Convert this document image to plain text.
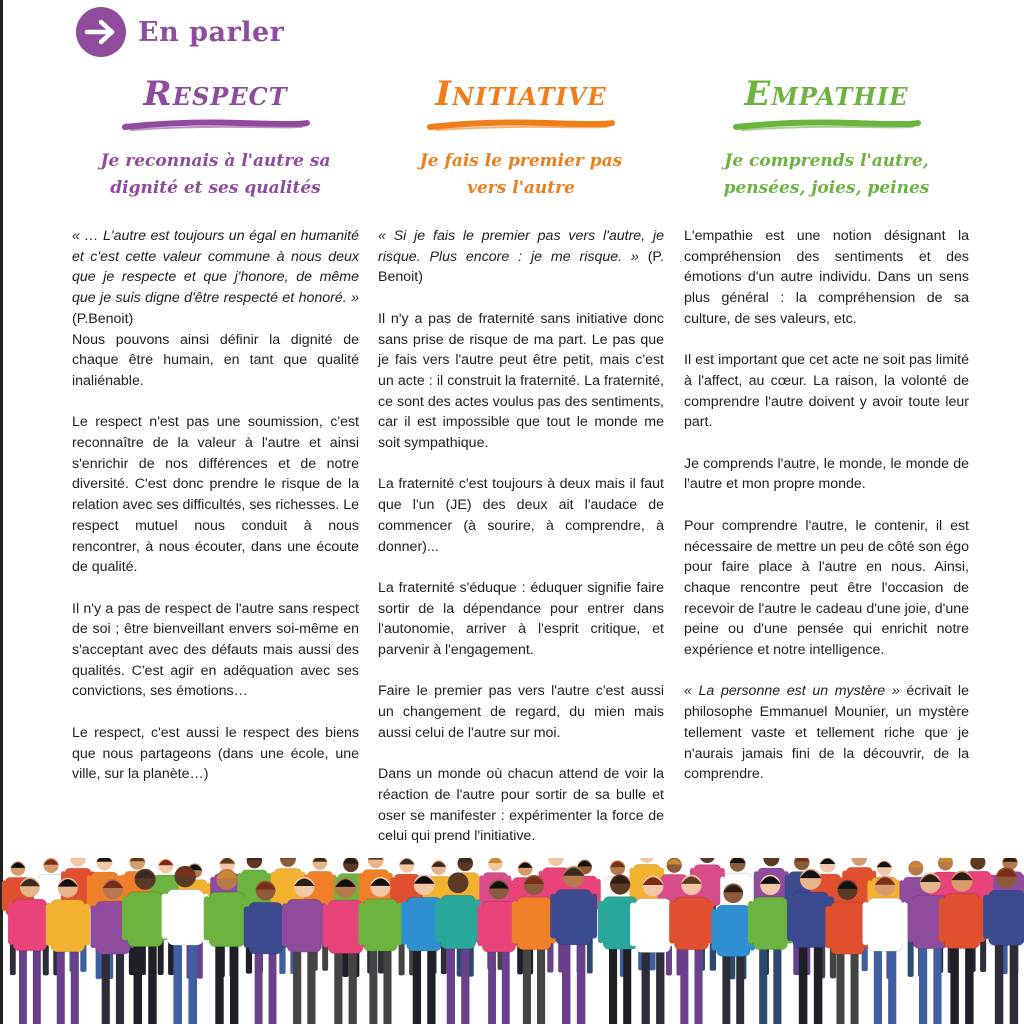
En parler
Respect
Je reconnais à l'autre sa
dignité et ses qualités

« … L'autre est toujours un égal en humanité et c'est cette valeur commune à nous deux que je respecte et que j'honore, de même que je suis digne d'être respecté et honoré. » (P.Benoit)
Nous pouvons ainsi définir la dignité de chaque être humain, en tant que qualité inaliénable.

Le respect n'est pas une soumission, c'est reconnaître de la valeur à l'autre et ainsi s'enrichir de nos différences et de notre diversité. C'est donc prendre le risque de la relation avec ses difficultés, ses richesses. Le respect mutuel nous conduit à nous rencontrer, à nous écouter, dans une écoute de qualité.

Il n'y a pas de respect de l'autre sans respect de soi ; être bienveillant envers soi-même en s'acceptant avec des défauts mais aussi des qualités. C'est agir en adéquation avec ses convictions, ses émotions…

Le respect, c'est aussi le respect des biens que nous partageons (dans une école, une ville, sur la planète…)

Initiative
Je fais le premier pas
vers l'autre

« Si je fais le premier pas vers l'autre, je risque. Plus encore : je me risque. » (P. Benoit)

Il n'y a pas de fraternité sans initiative donc sans prise de risque de ma part. Le pas que je fais vers l'autre peut être petit, mais c'est un acte : il construit la fraternité. La fraternité, ce sont des actes voulus pas des sentiments, car il est impossible que tout le monde me soit sympathique.

La fraternité c'est toujours à deux mais il faut que l'un (JE) des deux ait l'audace de commencer (à sourire, à comprendre, à donner)...

La fraternité s'éduque : éduquer signifie faire sortir de la dépendance pour entrer dans l'autonomie, arriver à l'esprit critique, et parvenir à l'engagement.

Faire le premier pas vers l'autre c'est aussi un changement de regard, du mien mais aussi celui de l'autre sur moi.

Dans un monde où chacun attend de voir la réaction de l'autre pour sortir de sa bulle et oser se manifester : expérimenter la force de celui qui prend l'initiative.

Empathie
Je comprends l'autre,
pensées, joies, peines

L'empathie est une notion désignant la compréhension des sentiments et des émotions d'un autre individu. Dans un sens plus général : la compréhension de sa culture, de ses valeurs, etc.

Il est important que cet acte ne soit pas limité à l'affect, au cœur. La raison, la volonté de comprendre l'autre doivent y avoir toute leur part.

Je comprends l'autre, le monde, le monde de l'autre et mon propre monde.

Pour comprendre l'autre, le contenir, il est nécessaire de mettre un peu de côté son égo pour faire place à l'autre en nous. Ainsi, chaque rencontre peut être l'occasion de recevoir de l'autre le cadeau d'une joie, d'une peine ou d'une pensée qui enrichit notre expérience et notre intelligence.

« La personne est un mystère » écrivait le philosophe Emmanuel Mounier, un mystère tellement vaste et tellement riche que je n'aurais jamais fini de la découvrir, de la comprendre.
